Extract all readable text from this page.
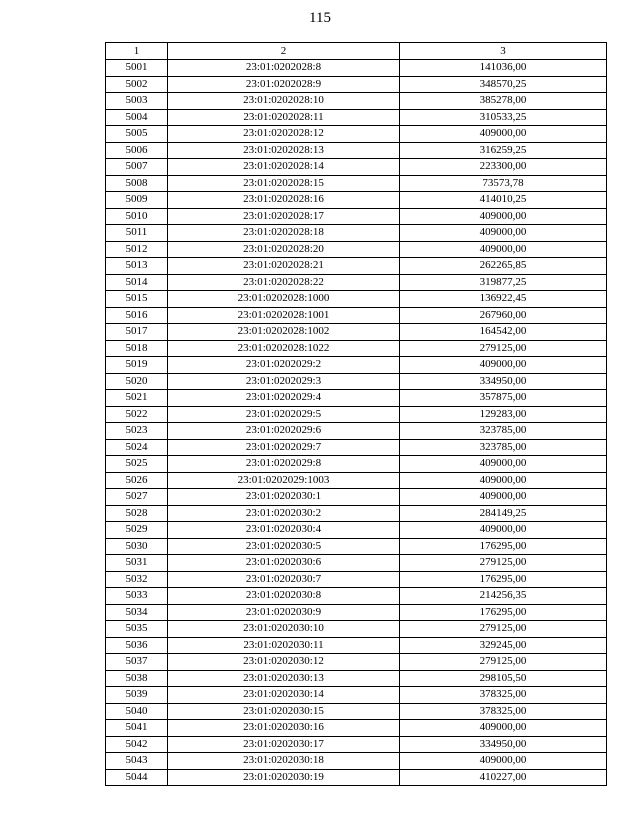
115
1	2	3
5001	23:01:0202028:8	141036,00
5002	23:01:0202028:9	348570,25
5003	23:01:0202028:10	385278,00
5004	23:01:0202028:11	310533,25
5005	23:01:0202028:12	409000,00
5006	23:01:0202028:13	316259,25
5007	23:01:0202028:14	223300,00
5008	23:01:0202028:15	73573,78
5009	23:01:0202028:16	414010,25
5010	23:01:0202028:17	409000,00
5011	23:01:0202028:18	409000,00
5012	23:01:0202028:20	409000,00
5013	23:01:0202028:21	262265,85
5014	23:01:0202028:22	319877,25
5015	23:01:0202028:1000	136922,45
5016	23:01:0202028:1001	267960,00
5017	23:01:0202028:1002	164542,00
5018	23:01:0202028:1022	279125,00
5019	23:01:0202029:2	409000,00
5020	23:01:0202029:3	334950,00
5021	23:01:0202029:4	357875,00
5022	23:01:0202029:5	129283,00
5023	23:01:0202029:6	323785,00
5024	23:01:0202029:7	323785,00
5025	23:01:0202029:8	409000,00
5026	23:01:0202029:1003	409000,00
5027	23:01:0202030:1	409000,00
5028	23:01:0202030:2	284149,25
5029	23:01:0202030:4	409000,00
5030	23:01:0202030:5	176295,00
5031	23:01:0202030:6	279125,00
5032	23:01:0202030:7	176295,00
5033	23:01:0202030:8	214256,35
5034	23:01:0202030:9	176295,00
5035	23:01:0202030:10	279125,00
5036	23:01:0202030:11	329245,00
5037	23:01:0202030:12	279125,00
5038	23:01:0202030:13	298105,50
5039	23:01:0202030:14	378325,00
5040	23:01:0202030:15	378325,00
5041	23:01:0202030:16	409000,00
5042	23:01:0202030:17	334950,00
5043	23:01:0202030:18	409000,00
5044	23:01:0202030:19	410227,00
